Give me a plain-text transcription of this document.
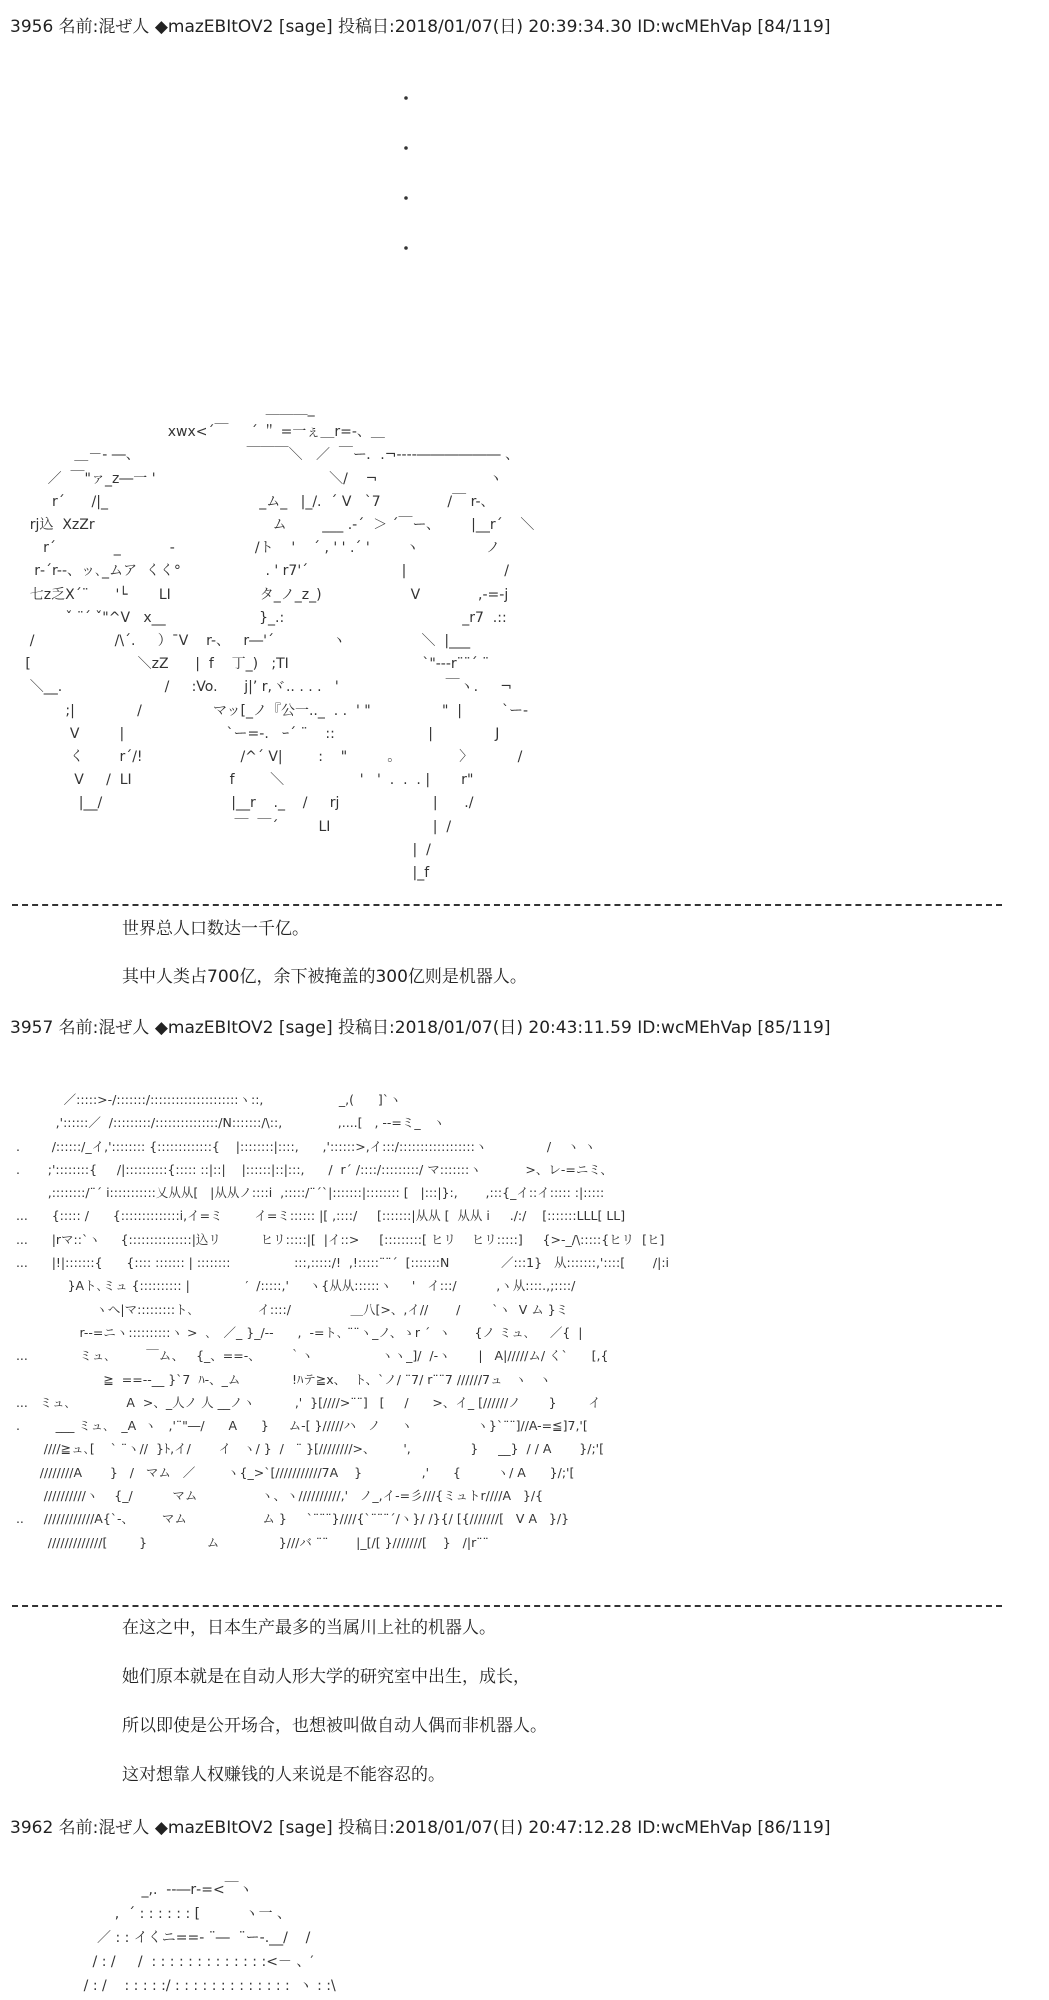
3956 名前:混ぜ人 ◆mazEBItOV2 [sage] 投稿日:2018/01/07(日) 20:39:34.30 ID:wcMEhVap [84/119]
・

・

・

・
＿＿＿_
xwx<´￣     ´ ＂ =一ぇ＿r=-、＿
＿－‐ ―、                        ￣￣￣＼   ／  ￣ー．.¬----―――――― 、
／  ￣"ァ_z―一 '                                       ＼/    ¬                         ヽ
r´      /|_                                  _ム_   |_/.  ´ V   `7               /￣ r-、
rj込  XzZr                                        ム        ___ .‐´  ＞ ´￣ー、       |__r´    ＼
r´             _           -                  /ト    '    ´ , ' ' .´ '        ヽ               ノ
r‐´r--、ッ､_ムア  くく°                   . ' r7'´                     |                      /
七z乏X´¨      '└       LI                    タ_ノ_z_)                    V             ,-=-j
ˇ ¨´ ˇ"^V   x__                     }_.:                                        _r7  .::
/                  /\´.     ）ˉV    r-、   r―'´             ヽ                 ＼  |___
[                        ＼zZ      |  f    丁_)   ;TI                              `"-‐-r¨¨´ ¨
＼__.                       /     :Vo.      j|’ r,ヾ.. . . .   '                        ￣ヽ.     ¬
;|              /                マッ[_ノ『公一.._  . .  ' "                "  |         `ー‐
V         |                       `ー=-.   ｰ´ ¨    ::                     |              J
く        r´/!                      /^´ V|        :    "         。             〉          /
V     /  LI                      f        ＼                 '   '  .  .  . |       r"
|__/                             |__r    ._    /     rj                     |      ./
￣  ￣´         LI                       |  /
|  /
|_f
世界总人口数达一千亿。
其中人类占700亿，余下被掩盖的300亿则是机器人。
3957 名前:混ぜ人 ◆mazEBItOV2 [sage] 投稿日:2018/01/07(日) 20:43:11.59 ID:wcMEhVap [85/119]
／:::::>-/:::::::/:::::::::::::::::::::ヽ::,                   _,(      ]`ヽ
,'::::::／  /:::::::::/:::::::::::::::/N:::::::/\::,              ,....[   , --=ミ_   ヽ
.        /::::::/_イ,':::::::: {:::::::::::::{    |::::::::|::::,      ,'::::::>,イ:::/::::::::::::::::::ヽ               /    ヽ ヽ
.       ;'::::::::{     /|::::::::::{::::: ::|::|    |::::::|::|:::,      /  r´ /::::/:::::::::/ マ:::::::ヽ           >、レ-=ニミ、
,::::::::/¨´ i:::::::::::乂从从[   |从从ノ::::i  ,:::::/¨´`|:::::::|:::::::: [   |:::|}:,       ,:::{_イ::イ::::: :|:::::
...      {::::: /      {::::::::::::::i,イ=ミ        イ=ミ:::::: |[ ,::::/     [:::::::|从从 [  从从 i     ./:/    [:::::::LLL[ LL]
...      |rマ::`ヽ     {:::::::::::::::|込リ          ヒリ:::::|[  |イ::>     [:::::::::[ ヒリ    ヒリ:::::]     {>‐_/\:::::{ヒリ  [ヒ]
...      |!|:::::::{      {:::: ::::::: | ::::::::                :::,:::::/!  ,!:::::¨¨´  [:::::::N             ／:::1}   从:::::::,'::::[       /|:i
}Aト､ミュ {:::::::::: |              ′  /:::::,'     ヽ{从从::::::ヽ     '   イ:::/          ,ヽ从::::.,;::::/
ヽへ|マ:::::::::ト､                イ::::/               ＿八[>、,イ//       /        `ヽ  V ム }ミ
r--=ニヽ::::::::::ヽ >  ､   ／_ }_/--      ,  -=ト､ ¨¨ヽ_ノ、ゝr ´  ヽ      {ノ ミュ､     ／{  |
...             ミュ､         ￣ム、   {_、==-、       ｀ヽ                 ヽヽ_]/  /-ヽ       |   A|/////ム/ く`      [,{
≧  ==--__ }`7  ﾊ-、_ム             !ﾊテ≧x、  ト、`ノ/ ¨7/ r¨¨7 //////7ュ   ヽ   ヽ
...   ミュ､              A  >、_人ノ 人 __ノヽ          ,'  }[////>¨¨]   [     /      >、イ_ [//////ノ       }        イ
.         ___ ミュ､   _A  ヽ   ,'¨"―/      A      }     ム-[ }/////ハ   ノ     ヽ                ヽ}`¨¨]//A-=≦]7,'[
////≧ュ､[    ` ¨ヽ//  }ﾄ,イ/       イ   ヽ/ }  /   ¨ }[////////>、       ',               }     __}  / / A       }/;'[
////////A       }   /   マム   ／        ヽ{_>`[///////////7A    }               ,'      {         ヽ/ A      }/;'[
//////////ヽ    {_/          マム                ヽ、ヽ//////////,'   ノ_,イ-=彡///{ミュトr////A   }/{
..     ////////////A{`-、       マム                   ム }     `¨¨¨}////{`¨¨¨´/ヽ}/ /}{/ [{///////[   V A   }/}
/////////////[        }               ム               }///バ ¨¨       |_[/[ }///////[    }   /|r¨¨
在这之中，日本生产最多的当属川上社的机器人。
她们原本就是在自动人形大学的研究室中出生，成长，
所以即使是公开场合，也想被叫做自动人偶而非机器人。
这对想靠人权赚钱的人来说是不能容忍的。
3962 名前:混ぜ人 ◆mazEBItOV2 [sage] 投稿日:2018/01/07(日) 20:47:12.28 ID:wcMEhVap [86/119]
_,.  -‐―r‐=<￣ヽ
,  ´ : : : : : : [          ヽ一 、
／ : : イくニ==- ¨―  ¨ー-.__/    /
/ : /     /  : : : : : : : : : : : : :<－ 、′
/ : /    : : : : :/ : : : : : : : : : : : : :  ヽ : :\
